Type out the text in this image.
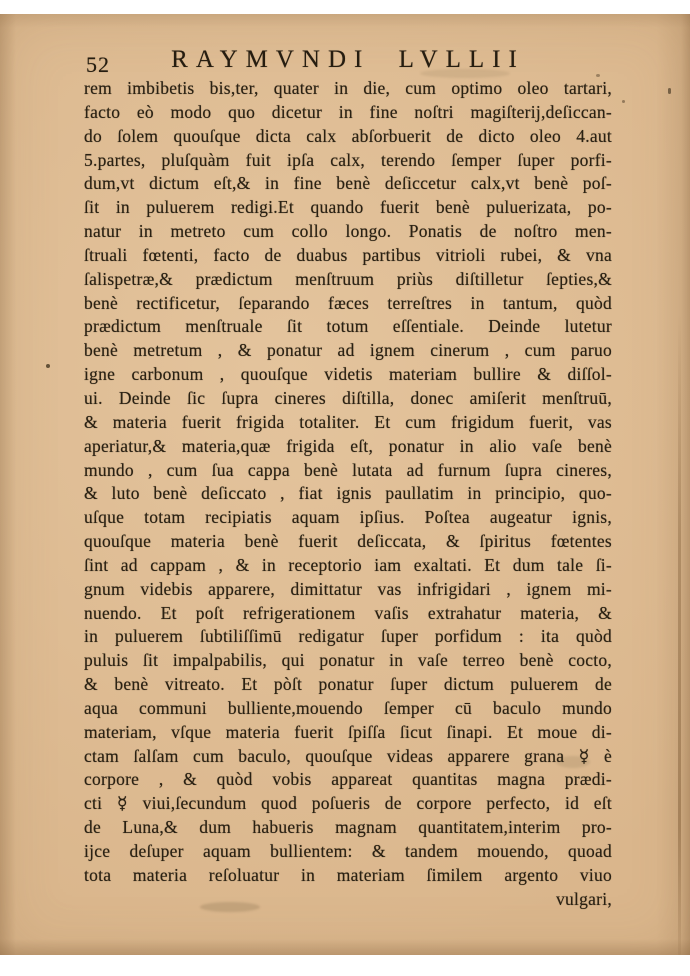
52	RAYMVNDI LVLLII
rem imbibetis bis,ter, quater in die, cum optimo oleo tartari,
facto eò modo quo dicetur in fine noſtri magiſterij,deſiccan-
do ſolem quouſque dicta calx abſorbuerit de dicto oleo 4.aut
5.partes, pluſquàm fuit ipſa calx, terendo ſemper ſuper porfi-
dum,vt dictum eſt,& in fine benè deſiccetur calx,vt benè poſ-
ſit in puluerem redigi.Et quando fuerit benè puluerizata, po-
natur in metreto cum collo longo. Ponatis de noſtro men-
ſtruali fœtenti, facto de duabus partibus vitrioli rubei, & vna
ſalispetræ,& prædictum menſtruum priùs diſtilletur ſepties,&
benè rectificetur, ſeparando fæces terreſtres in tantum, quòd
prædictum menſtruale ſit totum eſſentiale. Deinde lutetur
benè metretum , & ponatur ad ignem cinerum , cum paruo
igne carbonum , quouſque videtis materiam bullire & diſſol-
ui. Deinde ſic ſupra cineres diſtilla, donec amiſerit menſtruū,
& materia fuerit frigida totaliter. Et cum frigidum fuerit, vas
aperiatur,& materia,quæ frigida eſt, ponatur in alio vaſe benè
mundo , cum ſua cappa benè lutata ad furnum ſupra cineres,
& luto benè deſiccato , fiat ignis paullatim in principio, quo-
uſque totam recipiatis aquam ipſius. Poſtea augeatur ignis,
quouſque materia benè fuerit deſiccata, & ſpiritus fœtentes
ſint ad cappam , & in receptorio iam exaltati. Et dum tale ſi-
gnum videbis apparere, dimittatur vas infrigidari , ignem mi-
nuendo. Et poſt refrigerationem vaſis extrahatur materia, &
in puluerem ſubtiliſſimū redigatur ſuper porfidum : ita quòd
puluis ſit impalpabilis, qui ponatur in vaſe terreo benè cocto,
& benè vitreato. Et pòſt ponatur ſuper dictum puluerem de
aqua communi bulliente,mouendo ſemper cū baculo mundo
materiam, vſque materia fuerit ſpiſſa ſicut ſinapi. Et moue di-
ctam ſalſam cum baculo, quouſque videas apparere grana ☿ è
corpore , & quòd vobis appareat quantitas magna prædi-
cti ☿ viui,ſecundum quod poſueris de corpore perfecto, id eſt
de Luna,& dum habueris magnam quantitatem,interim pro-
ijce deſuper aquam bullientem: & tandem mouendo, quoad
tota materia reſoluatur in materiam ſimilem argento viuo
vulgari,
